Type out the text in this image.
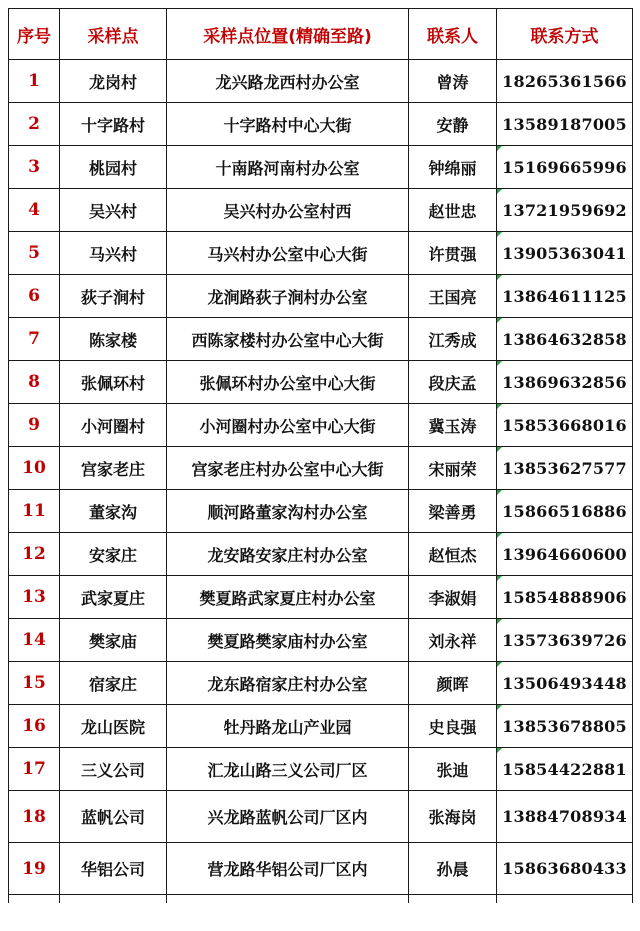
序号	采样点	采样点位置(精确至路)	联系人	联系方式
1	龙岗村	龙兴路龙西村办公室	曾涛	18265361566
2	十字路村	十字路村中心大街	安静	13589187005
3	桃园村	十南路河南村办公室	钟绵丽	15169665996
4	吴兴村	吴兴村办公室村西	赵世忠	13721959692
5	马兴村	马兴村办公室中心大街	许贯强	13905363041
6	荻子涧村	龙涧路荻子涧村办公室	王国亮	13864611125
7	陈家楼	西陈家楼村办公室中心大街	江秀成	13864632858
8	张佩环村	张佩环村办公室中心大街	段庆孟	13869632856
9	小河圈村	小河圈村办公室中心大街	冀玉涛	15853668016
10	宫家老庄	宫家老庄村办公室中心大街	宋丽荣	13853627577
11	董家沟	顺河路董家沟村办公室	梁善勇	15866516886
12	安家庄	龙安路安家庄村办公室	赵恒杰	13964660600
13	武家夏庄	樊夏路武家夏庄村办公室	李淑娟	15854888906
14	樊家庙	樊夏路樊家庙村办公室	刘永祥	13573639726
15	宿家庄	龙东路宿家庄村办公室	颜晖	13506493448
16	龙山医院	牡丹路龙山产业园	史良强	13853678805
17	三义公司	汇龙山路三义公司厂区	张迪	15854422881
18	蓝帆公司	兴龙路蓝帆公司厂区内	张海岗	13884708934
19	华铝公司	营龙路华铝公司厂区内	孙晨	15863680433
